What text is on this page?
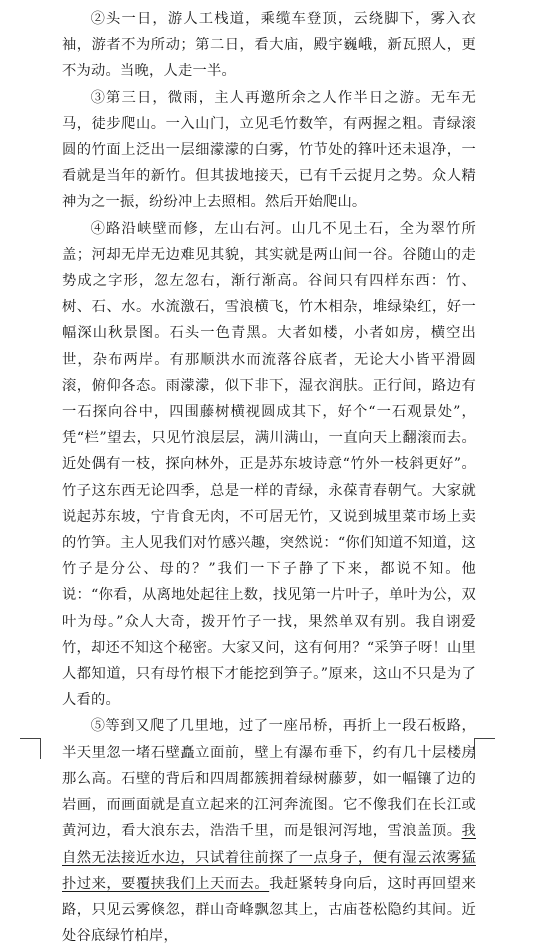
②头一日，游人工栈道，乘缆车登顶，云绕脚下，雾入衣袖，游者不为所动；第二日，看大庙，殿宇巍峨，新瓦照人，更不为动。当晚，人走一半。

③第三日，微雨，主人再邀所余之人作半日之游。无车无马，徒步爬山。一入山门，立见毛竹数竿，有两握之粗。青绿滚圆的竹面上泛出一层细濛濛的白雾，竹节处的箨叶还未退净，一看就是当年的新竹。但其拔地接天，已有千云捉月之势。众人精神为之一振，纷纷冲上去照相。然后开始爬山。

④路沿峡壁而修，左山右河。山几不见土石，全为翠竹所盖；河却无岸无边难见其貌，其实就是两山间一谷。谷随山的走势成之字形，忽左忽右，渐行渐高。谷间只有四样东西：竹、树、石、水。水流激石，雪浪横飞，竹木相杂，堆绿染红，好一幅深山秋景图。石头一色青黑。大者如楼，小者如房，横空出世，杂布两岸。有那顺洪水而流落谷底者，无论大小皆平滑圆滚，俯仰各态。雨濛濛，似下非下，湿衣润肤。正行间，路边有一石探向谷中，四围藤树横视圆成其下，好个“一石观景处”，凭“栏”望去，只见竹浪层层，满川满山，一直向天上翻滚而去。近处偶有一枝，探向林外，正是苏东坡诗意“竹外一枝斜更好”。竹子这东西无论四季，总是一样的青绿，永葆青春朝气。大家就说起苏东坡，宁肯食无肉，不可居无竹，又说到城里菜市场上卖的竹笋。主人见我们对竹感兴趣，突然说：“你们知道不知道，这竹子是分公、母的？”我们一下子静了下来，都说不知。他说：“你看，从离地处起往上数，找见第一片叶子，单叶为公，双叶为母。”众人大奇，拨开竹子一找，果然单双有别。我自诩爱竹，却还不知这个秘密。大家又问，这有何用？“采笋子呀！山里人都知道，只有母竹根下才能挖到笋子。”原来，这山不只是为了人看的。

⑤等到又爬了几里地，过了一座吊桥，再折上一段石板路，半天里忽一堵石壁矗立面前，壁上有瀑布垂下，约有几十层楼房那么高。石壁的背后和四周都簇拥着绿树藤萝，如一幅镶了边的岩画，而画面就是直立起来的江河奔流图。它不像我们在长江或黄河边，看大浪东去，浩浩千里，而是银河泻地，雪浪盖顶。我自然无法接近水边，只试着往前探了一点身子，便有湿云浓雾猛扑过来，要覆挟我们上天而去。我赶紧转身向后，这时再回望来路，只见云雾倏忽，群山奇峰飘忽其上，古庙苍松隐约其间。近处谷底绿竹柏岸，
